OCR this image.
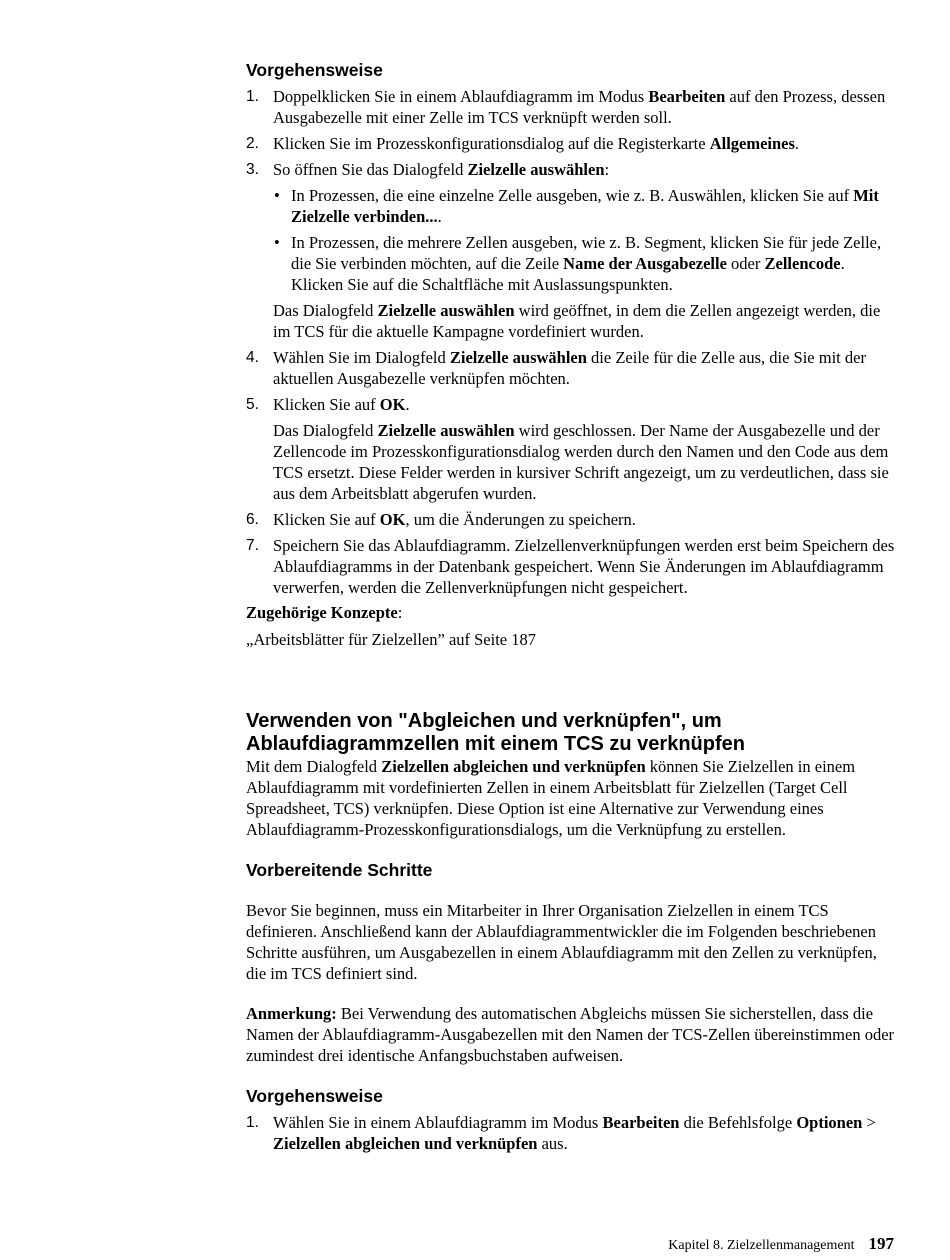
Vorgehensweise
1. Doppelklicken Sie in einem Ablaufdiagramm im Modus Bearbeiten auf den Prozess, dessen Ausgabezelle mit einer Zelle im TCS verknüpft werden soll.
2. Klicken Sie im Prozesskonfigurationsdialog auf die Registerkarte Allgemeines.
3. So öffnen Sie das Dialogfeld Zielzelle auswählen:
• In Prozessen, die eine einzelne Zelle ausgeben, wie z. B. Auswählen, klicken Sie auf Mit Zielzelle verbinden....
• In Prozessen, die mehrere Zellen ausgeben, wie z. B. Segment, klicken Sie für jede Zelle, die Sie verbinden möchten, auf die Zeile Name der Ausgabezelle oder Zellencode. Klicken Sie auf die Schaltfläche mit Auslassungspunkten.
Das Dialogfeld Zielzelle auswählen wird geöffnet, in dem die Zellen angezeigt werden, die im TCS für die aktuelle Kampagne vordefiniert wurden.
4. Wählen Sie im Dialogfeld Zielzelle auswählen die Zeile für die Zelle aus, die Sie mit der aktuellen Ausgabezelle verknüpfen möchten.
5. Klicken Sie auf OK.
Das Dialogfeld Zielzelle auswählen wird geschlossen. Der Name der Ausgabezelle und der Zellencode im Prozesskonfigurationsdialog werden durch den Namen und den Code aus dem TCS ersetzt. Diese Felder werden in kursiver Schrift angezeigt, um zu verdeutlichen, dass sie aus dem Arbeitsblatt abgerufen wurden.
6. Klicken Sie auf OK, um die Änderungen zu speichern.
7. Speichern Sie das Ablaufdiagramm. Zielzellenverknüpfungen werden erst beim Speichern des Ablaufdiagramms in der Datenbank gespeichert. Wenn Sie Änderungen im Ablaufdiagramm verwerfen, werden die Zellenverknüpfungen nicht gespeichert.

Zugehörige Konzepte:

„Arbeitsblätter für Zielzellen” auf Seite 187

Verwenden von "Abgleichen und verknüpfen", um Ablaufdiagrammzellen mit einem TCS zu verknüpfen

Mit dem Dialogfeld Zielzellen abgleichen und verknüpfen können Sie Zielzellen in einem Ablaufdiagramm mit vordefinierten Zellen in einem Arbeitsblatt für Zielzellen (Target Cell Spreadsheet, TCS) verknüpfen. Diese Option ist eine Alternative zur Verwendung eines Ablaufdiagramm-Prozesskonfigurationsdialogs, um die Verknüpfung zu erstellen.

Vorbereitende Schritte

Bevor Sie beginnen, muss ein Mitarbeiter in Ihrer Organisation Zielzellen in einem TCS definieren. Anschließend kann der Ablaufdiagrammentwickler die im Folgenden beschriebenen Schritte ausführen, um Ausgabezellen in einem Ablaufdiagramm mit den Zellen zu verknüpfen, die im TCS definiert sind.

Anmerkung: Bei Verwendung des automatischen Abgleichs müssen Sie sicherstellen, dass die Namen der Ablaufdiagramm-Ausgabezellen mit den Namen der TCS-Zellen übereinstimmen oder zumindest drei identische Anfangsbuchstaben aufweisen.

Vorgehensweise
1. Wählen Sie in einem Ablaufdiagramm im Modus Bearbeiten die Befehlsfolge Optionen > Zielzellen abgleichen und verknüpfen aus.
Kapitel 8. Zielzellenmanagement 197
